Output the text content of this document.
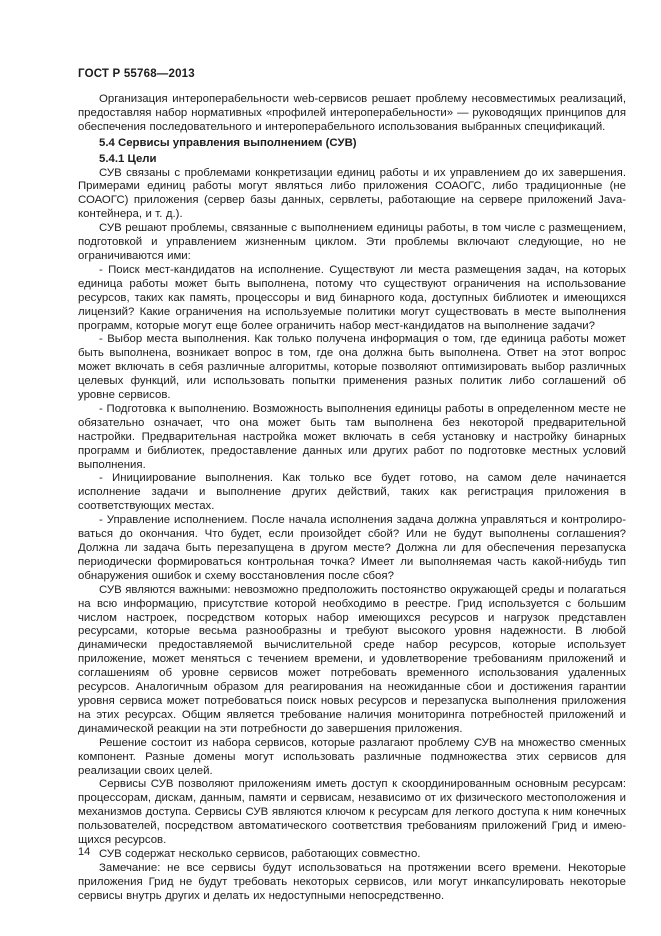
ГОСТ Р 55768—2013

Организация интероперабельности web-сервисов решает проблему несовместимых реализаций, предоставляя набор нормативных «профилей интероперабельности» — руководящих принципов для обеспечения последовательного и интероперабельного использования выбранных спецификаций.

5.4 Сервисы управления выполнением (СУВ)

5.4.1 Цели

СУВ связаны с проблемами конкретизации единиц работы и их управлением до их завершения. Примерами единиц работы могут являться либо приложения СОАОГС, либо традиционные (не СОАОГС) приложения (сервер базы данных, сервлеты, работающие на сервере приложений Java-контейнера, и т. д.).

СУВ решают проблемы, связанные с выполнением единицы работы, в том числе с размещением, подготовкой и управлением жизненным циклом. Эти проблемы включают следующие, но не ограничиваются ими:

- Поиск мест-кандидатов на исполнение. Существуют ли места размещения задач, на которых единица работы может быть выполнена, потому что существуют ограничения на использование ресурсов, таких как память, процессоры и вид бинарного кода, доступных библиотек и имеющихся лицензий? Какие ограничения на используемые политики могут существовать в месте выполнения программ, которые могут еще более ограничить набор мест-кандидатов на выполнение задачи?

- Выбор места выполнения. Как только получена информация о том, где единица работы может быть выполнена, возникает вопрос в том, где она должна быть выполнена. Ответ на этот вопрос может включать в себя различные алгоритмы, которые позволяют оптимизировать выбор различных целевых функций, или использовать попытки применения разных политик либо соглашений об уровне сервисов.

- Подготовка к выполнению. Возможность выполнения единицы работы в определенном месте не обязательно означает, что она может быть там выполнена без некоторой предварительной настройки. Предварительная настройка может включать в себя установку и настройку бинарных программ и библиотек, предоставление данных или других работ по подготовке местных условий выполнения.

- Инициирование выполнения. Как только все будет готово, на самом деле начинается исполнение задачи и выполнение других действий, таких как регистрация приложения в соответствующих местах.

- Управление исполнением. После начала исполнения задача должна управляться и контролироваться до окончания. Что будет, если произойдет сбой? Или не будут выполнены соглашения? Должна ли задача быть перезапущена в другом месте? Должна ли для обеспечения перезапуска периодически формироваться контрольная точка? Имеет ли выполняемая часть какой-нибудь тип обнаружения ошибок и схему восстановления после сбоя?

СУВ являются важными: невозможно предположить постоянство окружающей среды и полагаться на всю информацию, присутствие которой необходимо в реестре. Грид используется с большим числом настроек, посредством которых набор имеющихся ресурсов и нагрузок представлен ресурсами, которые весьма разнообразны и требуют высокого уровня надежности. В любой динамически предоставляемой вычислительной среде набор ресурсов, которые использует приложение, может меняться с течением времени, и удовлетворение требованиям приложений и соглашениям об уровне сервисов может потребовать временного использования удаленных ресурсов. Аналогичным образом для реагирования на неожиданные сбои и достижения гарантии уровня сервиса может потребоваться поиск новых ресурсов и перезапуска выполнения приложения на этих ресурсах. Общим является требование наличия мониторинга потребностей приложений и динамической реакции на эти потребности до завершения приложения.

Решение состоит из набора сервисов, которые разлагают проблему СУВ на множество сменных компонент. Разные домены могут использовать различные подмножества этих сервисов для реализации своих целей.

Сервисы СУВ позволяют приложениям иметь доступ к скоординированным основным ресурсам: процессорам, дискам, данным, памяти и сервисам, независимо от их физического местоположения и механизмов доступа. Сервисы СУВ являются ключом к ресурсам для легкого доступа к ним конечных пользователей, посредством автоматического соответствия требованиям приложений Грид и имеющихся ресурсов.

СУВ содержат несколько сервисов, работающих совместно.

Замечание: не все сервисы будут использоваться на протяжении всего времени. Некоторые приложения Грид не будут требовать некоторых сервисов, или могут инкапсулировать некоторые сервисы внутрь других и делать их недоступными непосредственно.

14
